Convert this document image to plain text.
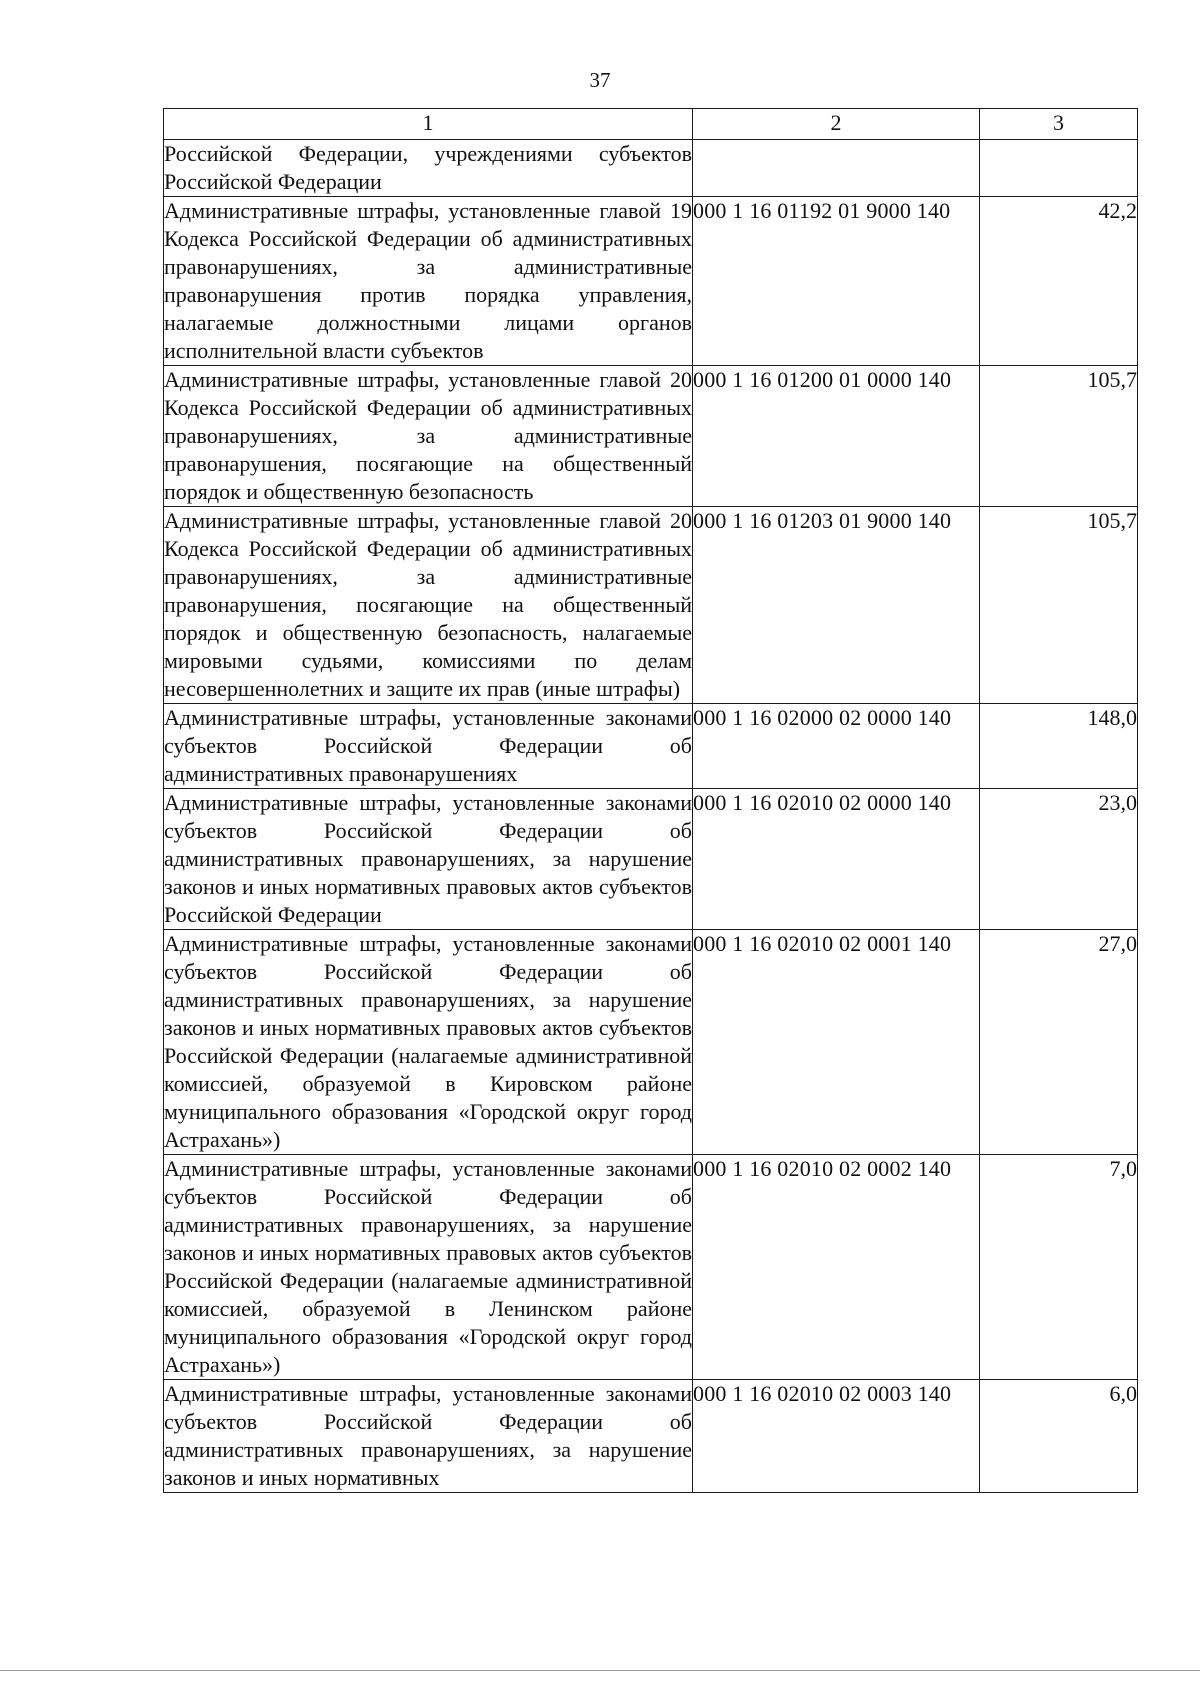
37
1	2	3
Российской Федерации, учреждениями субъектов Российской Федерации		
Административные штрафы, установленные главой 19 Кодекса Российской Федерации об административных правонарушениях, за административные правонарушения против порядка управления, налагаемые должностными лицами органов исполнительной власти субъектов	000 1 16 01192 01 9000 140	42,2
Административные штрафы, установленные главой 20 Кодекса Российской Федерации об административных правонарушениях, за административные правонарушения, посягающие на общественный порядок и общественную безопасность	000 1 16 01200 01 0000 140	105,7
Административные штрафы, установленные главой 20 Кодекса Российской Федерации об административных правонарушениях, за административные правонарушения, посягающие на общественный порядок и общественную безопасность, налагаемые мировыми судьями, комиссиями по делам несовершеннолетних и защите их прав (иные штрафы)	000 1 16 01203 01 9000 140	105,7
Административные штрафы, установленные законами субъектов Российской Федерации об административных правонарушениях	000 1 16 02000 02 0000 140	148,0
Административные штрафы, установленные законами субъектов Российской Федерации об административных правонарушениях, за нарушение законов и иных нормативных правовых актов субъектов Российской Федерации	000 1 16 02010 02 0000 140	23,0
Административные штрафы, установленные законами субъектов Российской Федерации об административных правонарушениях, за нарушение законов и иных нормативных правовых актов субъектов Российской Федерации (налагаемые административной комиссией, образуемой в Кировском районе муниципального образования «Городской округ город Астрахань»)	000 1 16 02010 02 0001 140	27,0
Административные штрафы, установленные законами субъектов Российской Федерации об административных правонарушениях, за нарушение законов и иных нормативных правовых актов субъектов Российской Федерации (налагаемые административной комиссией, образуемой в Ленинском районе муниципального образования «Городской округ город Астрахань»)	000 1 16 02010 02 0002 140	7,0
Административные штрафы, установленные законами субъектов Российской Федерации об административных правонарушениях, за нарушение законов и иных нормативных	000 1 16 02010 02 0003 140	6,0
